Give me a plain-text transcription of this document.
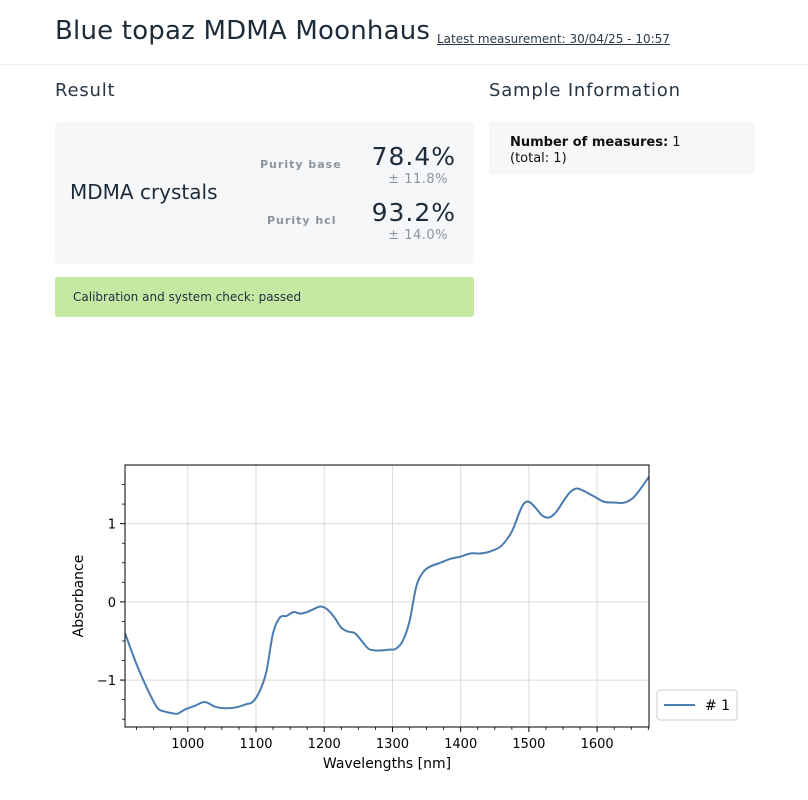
Blue topaz MDMA Moonhaus Latest measurement: 30/04/25 - 10:57
Result	Sample Information
MDMA crystals
Purity base 78.4%
± 11.8%
Purity hcl 93.2%
± 14.0%
Calibration and system check: passed
Number of measures: 1
(total: 1)
1000	1100	1200	1300	1400	1500	1600
−1
0
1
Wavelengths [nm]
Absorbance
# 1
